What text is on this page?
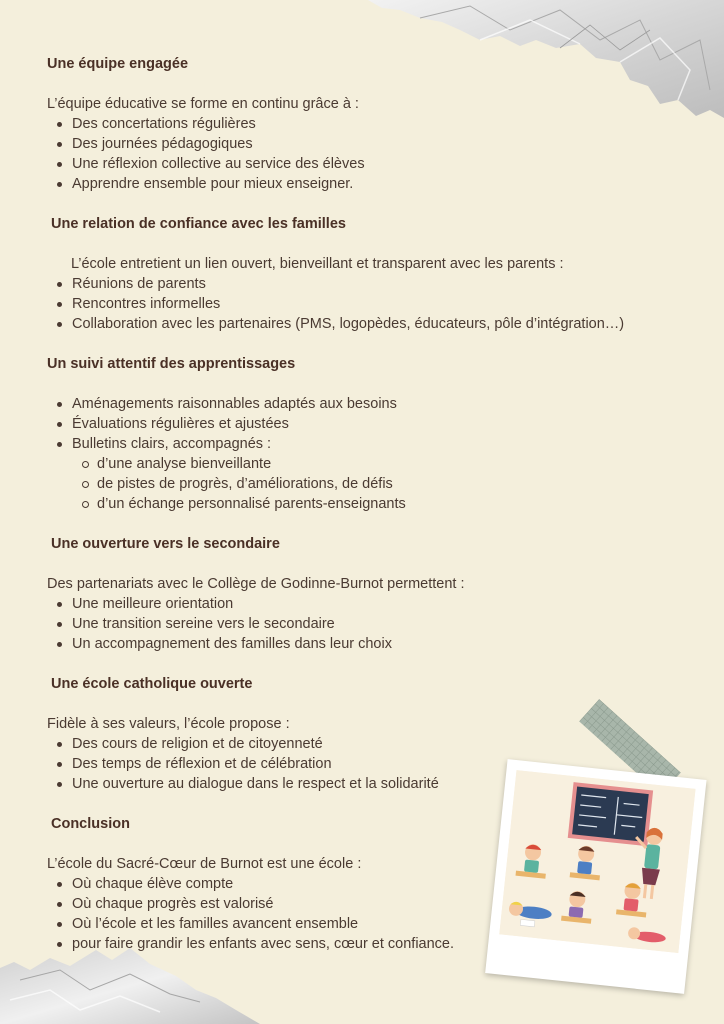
Une équipe engagée

L’équipe éducative se forme en continu grâce à :

Des concertations régulières
Des journées pédagogiques
Une réflexion collective au service des élèves
Apprendre ensemble pour mieux enseigner.

Une relation de confiance avec les familles

L’école entretient un lien ouvert, bienveillant et transparent avec les parents :

Réunions de parents
Rencontres informelles
Collaboration avec les partenaires (PMS, logopèdes, éducateurs, pôle d’intégration…)

Un suivi attentif des apprentissages

Aménagements raisonnables adaptés aux besoins
Évaluations régulières et ajustées
Bulletins clairs, accompagnés :
d’une analyse bienveillante
de pistes de progrès, d’améliorations, de défis
d’un échange personnalisé parents-enseignants

Une ouverture vers le secondaire

Des partenariats avec le Collège de Godinne-Burnot permettent :

Une meilleure orientation
Une transition sereine vers le secondaire
Un accompagnement des familles dans leur choix

Une école catholique ouverte

Fidèle à ses valeurs, l’école propose :

Des cours de religion et de citoyenneté
Des temps de réflexion et de célébration
Une ouverture au dialogue dans le respect et la solidarité

Conclusion

L’école du Sacré-Cœur de Burnot est une école :

Où chaque élève compte
Où chaque progrès est valorisé
Où l’école et les familles avancent ensemble
pour faire grandir les enfants avec sens, cœur et confiance.
